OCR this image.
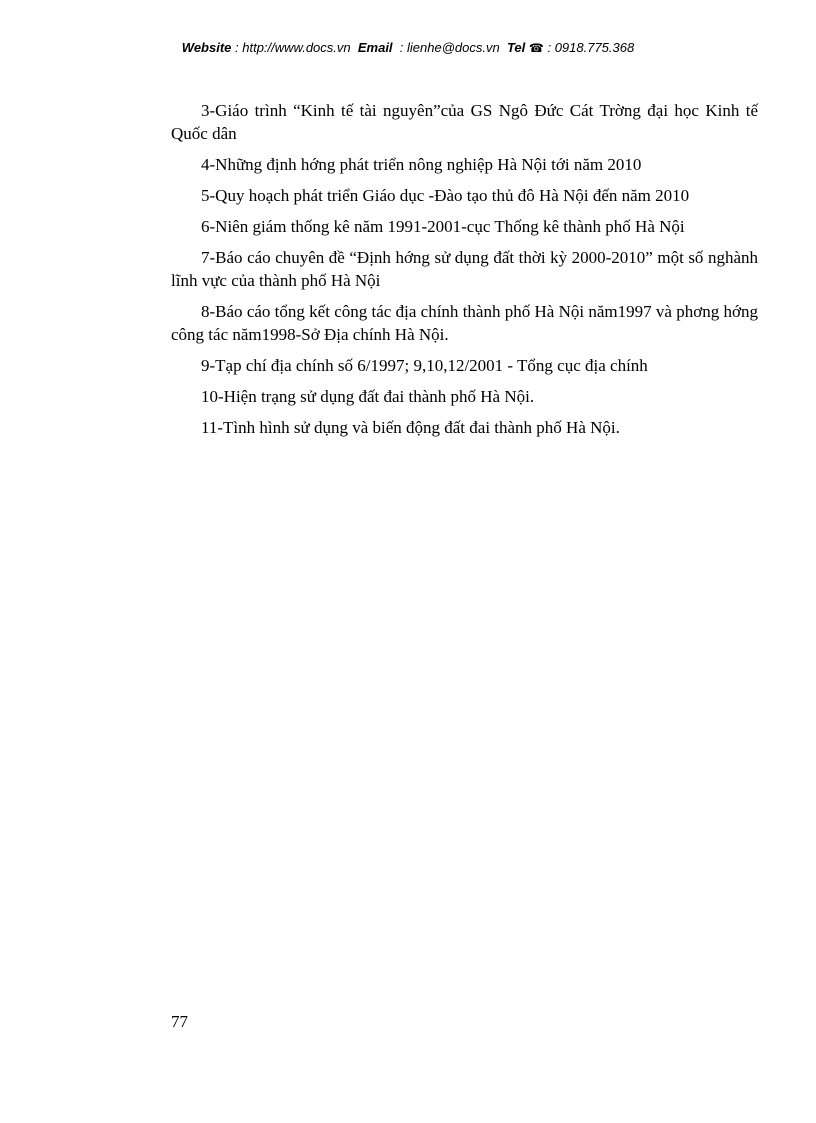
Website : http://www.docs.vn Email  : lienhe@docs.vn Tel ☎ : 0918.775.368

3-Giáo trình “Kinh tế tài nguyên”của GS Ngô Đức Cát Trờng đại học Kinh tế Quốc dân

4-Những định hớng phát triển nông nghiệp Hà Nội tới năm 2010

5-Quy hoạch phát triển Giáo dục -Đào tạo thủ đô Hà Nội đến năm 2010

6-Niên giám thống kê năm 1991-2001-cục Thống kê thành phố Hà Nội

7-Báo cáo chuyên đề “Định hớng sử dụng đất thời kỳ 2000-2010” một số nghành lĩnh vực của thành phố Hà Nội

8-Báo cáo tổng kết công tác địa chính thành phố Hà Nội năm1997 và phơng hớng công tác năm1998-Sở Địa chính Hà Nội.

9-Tạp chí địa chính số 6/1997; 9,10,12/2001 - Tổng cục địa chính

10-Hiện trạng sử dụng đất đai thành phố Hà Nội.

11-Tình hình sử dụng và biến động đất đai thành phố Hà Nội.

77
